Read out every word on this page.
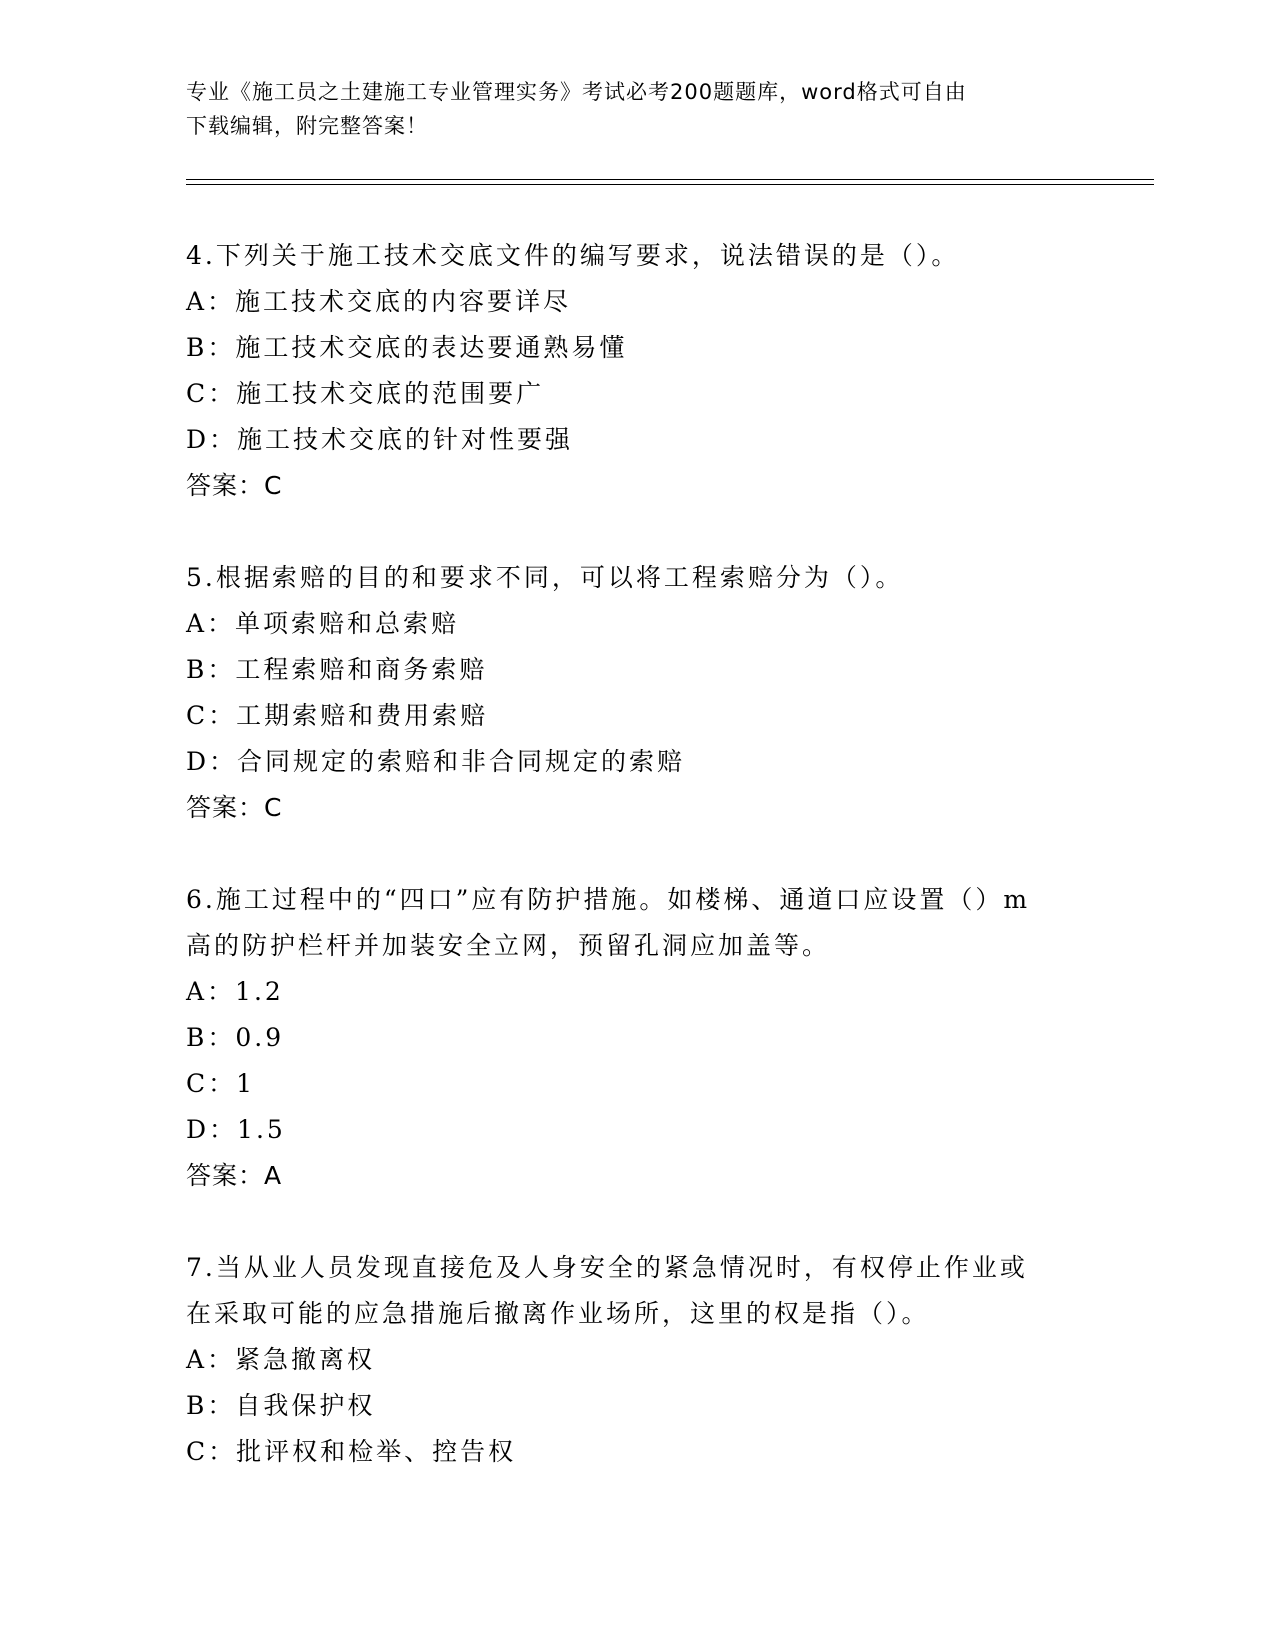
专业《施工员之土建施工专业管理实务》考试必考200题题库，word格式可自由
下载编辑，附完整答案！
4.下列关于施工技术交底文件的编写要求，说法错误的是（）。
A：施工技术交底的内容要详尽
B：施工技术交底的表达要通熟易懂
C：施工技术交底的范围要广
D：施工技术交底的针对性要强
答案：C
5.根据索赔的目的和要求不同，可以将工程索赔分为（）。
A：单项索赔和总索赔
B：工程索赔和商务索赔
C：工期索赔和费用索赔
D：合同规定的索赔和非合同规定的索赔
答案：C
6.施工过程中的“四口”应有防护措施。如楼梯、通道口应设置（）m
高的防护栏杆并加装安全立网，预留孔洞应加盖等。
A：1.2
B：0.9
C：1
D：1.5
答案：A
7.当从业人员发现直接危及人身安全的紧急情况时，有权停止作业或
在采取可能的应急措施后撤离作业场所，这里的权是指（）。
A：紧急撤离权
B：自我保护权
C：批评权和检举、控告权
